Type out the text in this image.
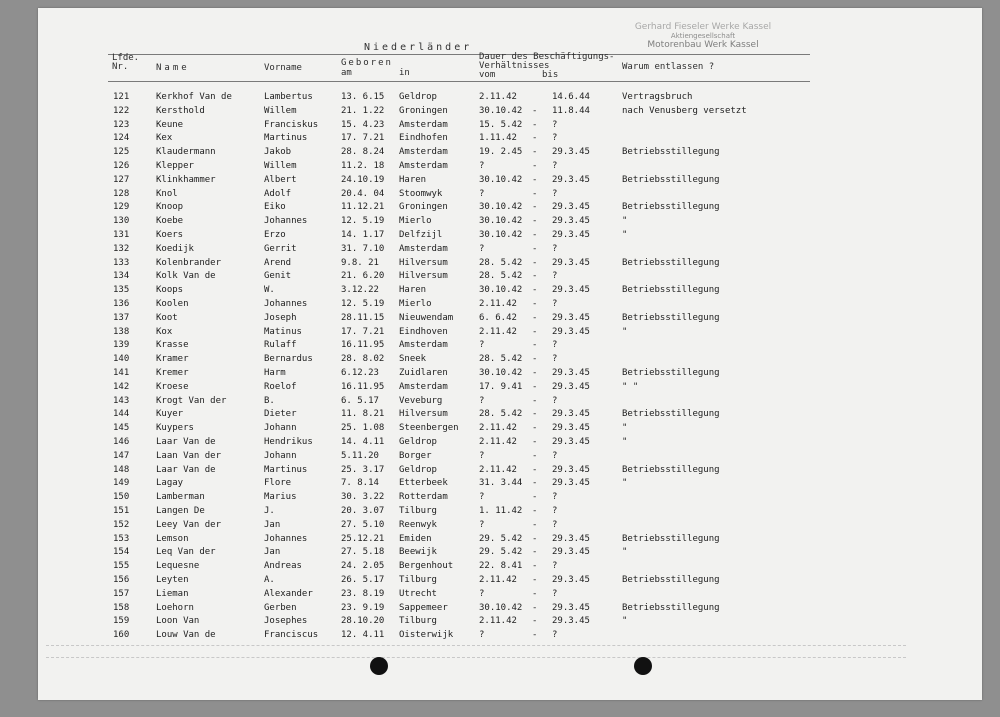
Gerhard Fieseler Werke Kassel
Aktiengesellschaft
Motorenbau Werk Kassel
Niederländer
Lfde.
Nr.	Name	Vorname	Geboren
am	in
Dauer des Beschäftigungs-
Verhältnisses
vom	bis
Warum entlassen ?
121	Kerkhof Van de	Lambertus	13. 6.15 Geldrop	2.11.42	14.6.44	Vertragsbruch
122	Kersthold	Willem	21. 1.22 Groningen	30.10.42 - 11.8.44	nach Venusberg versetzt
123	Keune	Franciskus	15. 4.23 Amsterdam	15. 5.42 - ?
124	Kex	Martinus	17. 7.21 Eindhofen	1.11.42 - ?
125	Klaudermann	Jakob	28. 8.24 Amsterdam	19. 2.45 - 29.3.45	Betriebsstillegung
126	Klepper	Willem	11.2. 18 Amsterdam	?	- ?
127	Klinkhammer	Albert	24.10.19 Haren	30.10.42 - 29.3.45	Betriebsstillegung
128	Knol	Adolf	20.4. 04 Stoomwyk	?	- ?
129	Knoop	Eiko	11.12.21 Groningen	30.10.42 - 29.3.45	Betriebsstillegung
130	Koebe	Johannes	12. 5.19 Mierlo	30.10.42 - 29.3.45	"
131	Koers	Erzo	14. 1.17 Delfzijl	30.10.42 - 29.3.45	"
132	Koedijk	Gerrit	31. 7.10 Amsterdam	?	- ?
133	Kolenbrander	Arend	9.8. 21 Hilversum	28. 5.42 - 29.3.45	Betriebsstillegung
134	Kolk Van de	Genit	21. 6.20 Hilversum	28. 5.42 - ?
135	Koops	W.	3.12.22 Haren	30.10.42 - 29.3.45	Betriebsstillegung
136	Koolen	Johannes	12. 5.19 Mierlo	2.11.42 - ?
137	Koot	Joseph	28.11.15 Nieuwendam	6. 6.42 - 29.3.45	Betriebsstillegung
138	Kox	Matinus	17. 7.21 Eindhoven	2.11.42 - 29.3.45	"
139	Krasse	Rulaff	16.11.95 Amsterdam	?	- ?
140	Kramer	Bernardus	28. 8.02 Sneek	28. 5.42 - ?
141	Kremer	Harm	6.12.23 Zuidlaren	30.10.42 - 29.3.45	Betriebsstillegung
142	Kroese	Roelof	16.11.95 Amsterdam	17. 9.41 - 29.3.45	" "
143	Krogt Van der	B.	6. 5.17 Veveburg	?	- ?
144	Kuyer	Dieter	11. 8.21 Hilversum	28. 5.42 - 29.3.45	Betriebsstillegung
145	Kuypers	Johann	25. 1.08 Steenbergen 2.11.42 - 29.3.45	"
146	Laar Van de	Hendrikus	14. 4.11 Geldrop	2.11.42 - 29.3.45	"
147	Laan Van der	Johann	5.11.20 Borger	?	- ?
148	Laar Van de	Martinus	25. 3.17 Geldrop	2.11.42 - 29.3.45	Betriebsstillegung
149	Lagay	Flore	7. 8.14 Etterbeek	31. 3.44 - 29.3.45	"
150	Lamberman	Marius	30. 3.22 Rotterdam	?	- ?
151	Langen De	J.	20. 3.07 Tilburg	1. 11.42 - ?
152	Leey Van der	Jan	27. 5.10 Reenwyk	?	- ?
153	Lemson	Johannes	25.12.21 Emiden	29. 5.42 - 29.3.45	Betriebsstillegung
154	Leq Van der	Jan	27. 5.18 Beewijk	29. 5.42 - 29.3.45	"
155	Lequesne	Andreas	24. 2.05 Bergenhout	22. 8.41 - ?
156	Leyten	A.	26. 5.17 Tilburg	2.11.42 - 29.3.45	Betriebsstillegung
157	Lieman	Alexander	23. 8.19 Utrecht	?	- ?
158	Loehorn	Gerben	23. 9.19 Sappemeer	30.10.42 - 29.3.45	Betriebsstillegung
159	Loon Van	Josephes	28.10.20 Tilburg	2.11.42 - 29.3.45	"
160	Louw Van de	Franciscus	12. 4.11 Oisterwijk	?	- ?
